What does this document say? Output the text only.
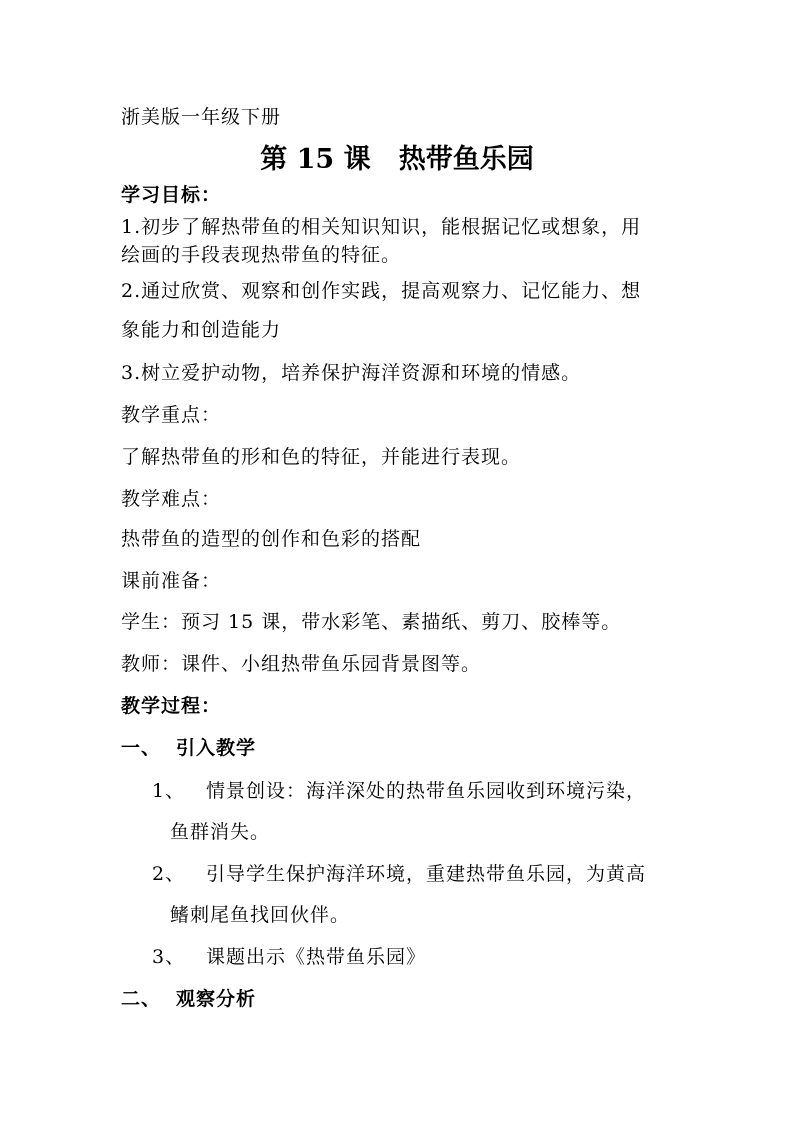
浙美版一年级下册
第 15 课   热带鱼乐园
学习目标：
1.初步了解热带鱼的相关知识知识，能根据记忆或想象，用
绘画的手段表现热带鱼的特征。
2.通过欣赏、观察和创作实践，提高观察力、记忆能力、想
象能力和创造能力
3.树立爱护动物，培养保护海洋资源和环境的情感。
教学重点：
了解热带鱼的形和色的特征，并能进行表现。
教学难点：
热带鱼的造型的创作和色彩的搭配
课前准备：
学生：预习 15 课，带水彩笔、素描纸、剪刀、胶棒等。
教师：课件、小组热带鱼乐园背景图等。
教学过程：
一、 引入教学
1、 情景创设：海洋深处的热带鱼乐园收到环境污染，
鱼群消失。
2、 引导学生保护海洋环境，重建热带鱼乐园，为黄高
鳍刺尾鱼找回伙伴。
3、 课题出示《热带鱼乐园》
二、 观察分析
